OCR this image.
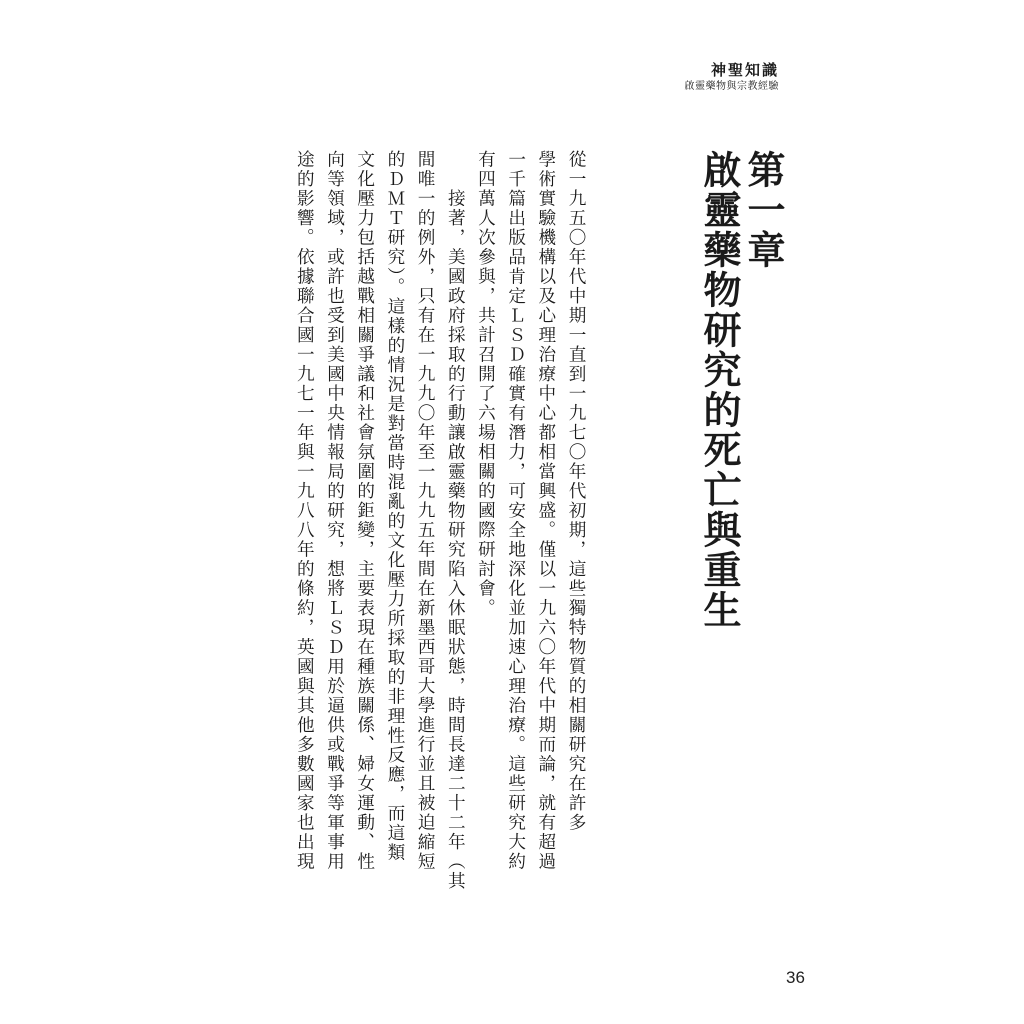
神聖知識
啟靈藥物與宗教經驗
第一章
啟靈藥物研究的死亡與重生
從一九五〇年代中期一直到一九七〇年代初期，這些獨特物質的相關研究在許多
學術實驗機構以及心理治療中心都相當興盛。僅以一九六〇年代中期而論，就有超過
一千篇出版品肯定ＬＳＤ確實有潛力，可安全地深化並加速心理治療。這些研究大約
有四萬人次參與，共計召開了六場相關的國際研討會。
接著，美國政府採取的行動讓啟靈藥物研究陷入休眠狀態，時間長達二十二年（其
間唯一的例外，只有在一九九〇年至一九九五年間在新墨西哥大學進行並且被迫縮短
的ＤＭＴ研究）。這樣的情況是對當時混亂的文化壓力所採取的非理性反應，而這類
文化壓力包括越戰相關爭議和社會氛圍的鉅變，主要表現在種族關係、婦女運動、性
向等領域，或許也受到美國中央情報局的研究，想將ＬＳＤ用於逼供或戰爭等軍事用
途的影響。依據聯合國一九七一年與一九八八年的條約，英國與其他多數國家也出現
36
